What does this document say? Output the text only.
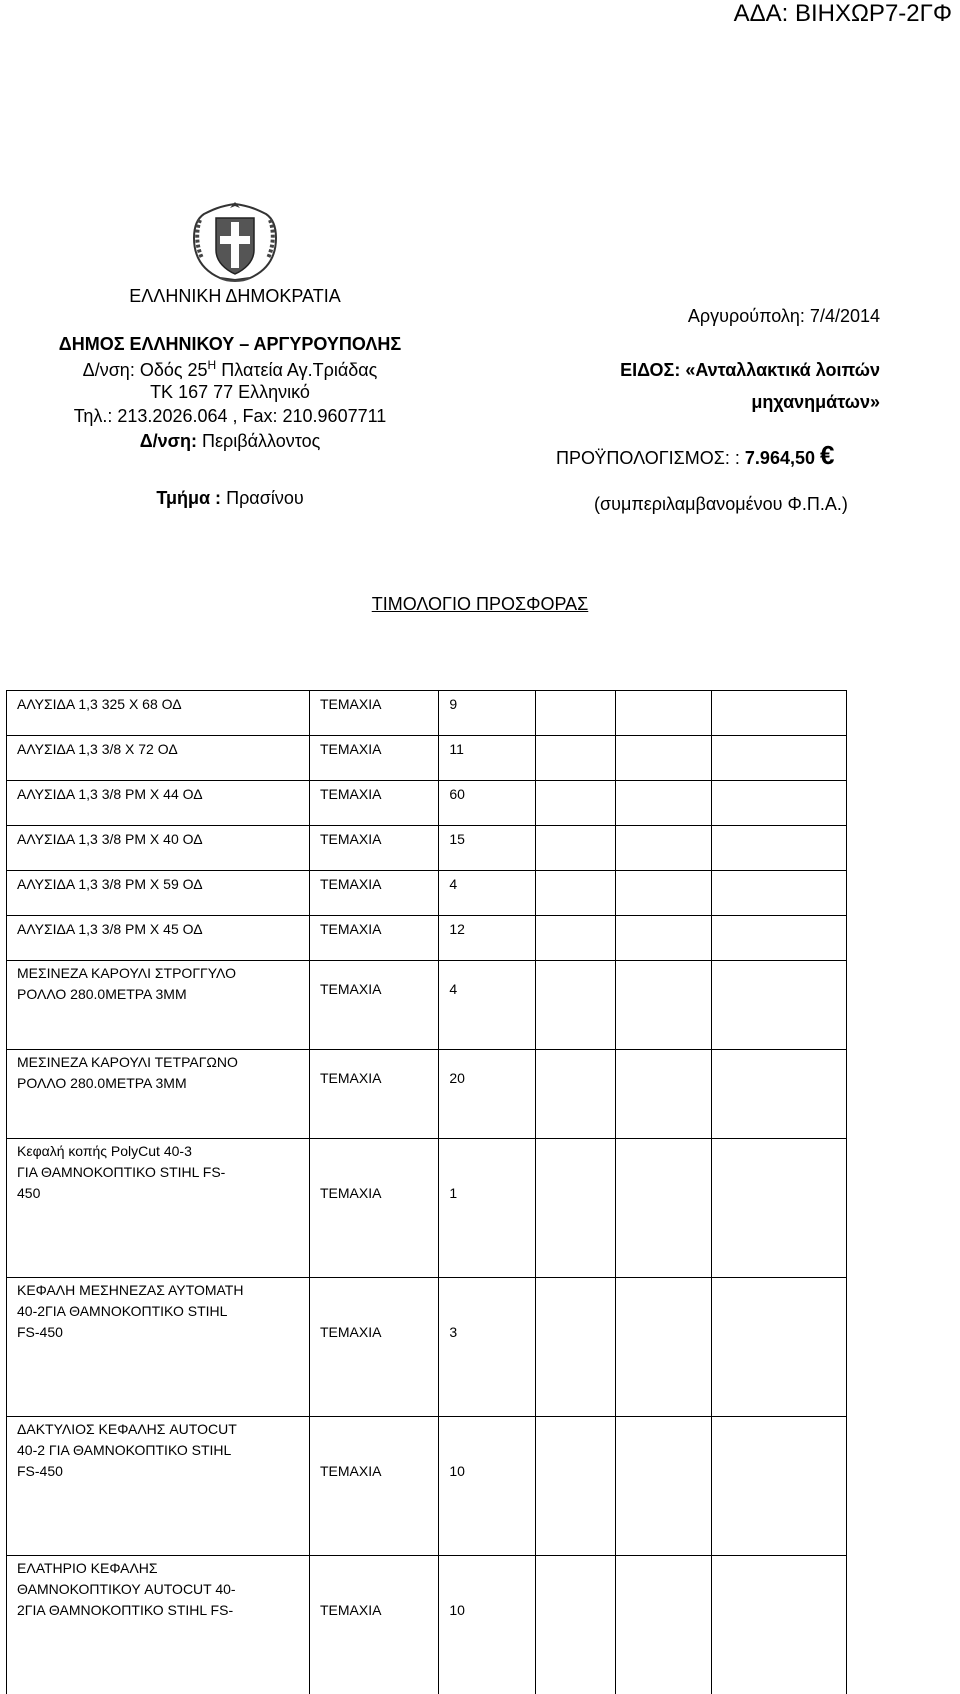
ΑΔΑ: ΒΙΗΧΩΡ7-2ΓΦ
ΕΛΛΗΝΙΚΗ ΔΗΜΟΚΡΑΤΙΑ
ΔΗΜΟΣ ΕΛΛΗΝΙΚΟΥ – ΑΡΓΥΡΟΥΠΟΛΗΣ
Δ/νση: Οδός $25^H$ Πλατεία Αγ.Τριάδας
ΤΚ 167 77 Ελληνικό
Τηλ.: 213.2026.064 , Fax: 210.9607711
Δ/νση: Περιβάλλοντος
Τμήμα : Πρασίνου
Αργυρούπολη: 7/4/2014
ΕΙΔΟΣ: «Ανταλλακτικά λοιπών
μηχανημάτων»
ΠΡΟΫΠΟΛΟΓΙΣΜΟΣ: : 7.964,50 €
(συμπεριλαμβανομένου Φ.Π.Α.)
ΤΙΜΟΛΟΓΙΟ ΠΡΟΣΦΟΡΑΣ
ΑΛΥΣΙΔΑ 1,3 325 Χ 68 ΟΔ	ΤΕΜΑΧΙΑ	9			
ΑΛΥΣΙΔΑ 1,3 3/8 Χ 72 ΟΔ	ΤΕΜΑΧΙΑ	11			
ΑΛΥΣΙΔΑ 1,3 3/8 ΡΜ Χ 44 ΟΔ	ΤΕΜΑΧΙΑ	60			
ΑΛΥΣΙΔΑ 1,3 3/8 ΡΜ Χ 40 ΟΔ	ΤΕΜΑΧΙΑ	15			
ΑΛΥΣΙΔΑ 1,3 3/8 ΡΜ Χ 59 ΟΔ	ΤΕΜΑΧΙΑ	4			
ΑΛΥΣΙΔΑ 1,3 3/8 ΡΜ Χ 45 ΟΔ	ΤΕΜΑΧΙΑ	12			
ΜΕΣΙΝΕΖΑ ΚΑΡΟΥΛΙ ΣΤΡΟΓΓΥΛΟ
ΡΟΛΛΟ 280.0ΜΕΤΡΑ 3ΜΜ	ΤΕΜΑΧΙΑ	4			
ΜΕΣΙΝΕΖΑ ΚΑΡΟΥΛΙ ΤΕΤΡΑΓΩΝΟ
ΡΟΛΛΟ 280.0ΜΕΤΡΑ 3ΜΜ	ΤΕΜΑΧΙΑ	20			
Κεφαλή κοπής PolyCut 40-3
ΓΙΑ ΘΑΜΝΟΚΟΠΤΙΚΟ STIHL FS-
450	ΤΕΜΑΧΙΑ	1			
ΚΕΦΑΛΗ ΜΕΣΗΝΕΖΑΣ ΑΥΤΟΜΑΤΗ
40-2ΓΙΑ ΘΑΜΝΟΚΟΠΤΙΚΟ STIHL
FS-450	ΤΕΜΑΧΙΑ	3			
ΔΑΚΤΥΛΙΟΣ ΚΕΦΑΛΗΣ AUTOCUT
40-2 ΓΙΑ ΘΑΜΝΟΚΟΠΤΙΚΟ STIHL
FS-450	ΤΕΜΑΧΙΑ	10			
ΕΛΑΤΗΡΙΟ ΚΕΦΑΛΗΣ
ΘΑΜΝΟΚΟΠΤΙΚΟΥ AUTOCUT 40-
2ΓΙΑ ΘΑΜΝΟΚΟΠΤΙΚΟ STIHL FS-	ΤΕΜΑΧΙΑ	10			
